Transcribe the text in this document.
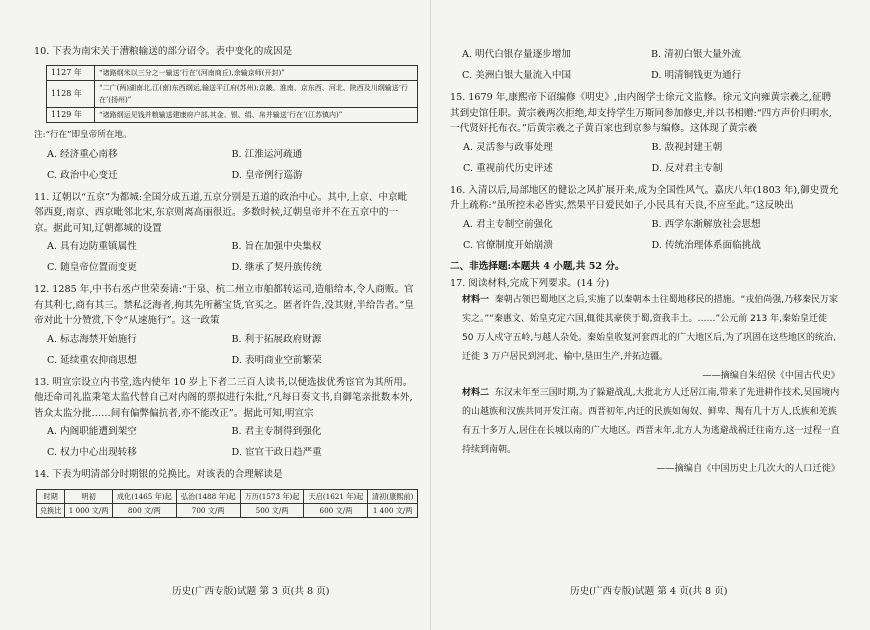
10. 下表为南宋关于漕粮输送的部分诏令。表中变化的成因是
1127 年	“诸路纲米以三分之一输送‘行在’(河南商丘),余输京师(开封)”
1128 年	“二广(两)湖南北,江(南)东西纲运,输送平江府(苏州);京畿、淮南、京东西、河北、陕西及川纲输送‘行在’(扬州)”
1129 年	“诸路纲运见钱并粮输送建康府户部,其金、银、绢、帛并输送‘行在’(江苏镇内)”
注:“行在”即皇帝所在地。
A. 经济重心南移	B. 江淮运河疏通
C. 政治中心变迁	D. 皇帝例行巡游
11. 辽朝以“五京”为都城:全国分成五道,五京分别是五道的政治中心。其中,上京、中京毗邻西夏,南京、西京毗邻北宋,东京则离高丽很近。多数时候,辽朝皇帝并不在五京中的一京。据此可知,辽朝都城的设置
A. 具有边防重镇属性	B. 旨在加强中央集权
C. 随皇帝位置而变更	D. 继承了契丹族传统
12. 1285 年,中书右丞卢世荣奏请:“于泉、杭二州立市舶都转运司,造船给本,令人商贩。官有其利七,商有其三。禁私泛海者,拘其先所蓄宝货,官买之。匿者许告,没其财,半给告者。”皇帝对此十分赞赏,下令“从速施行”。这一政策
A. 标志海禁开始施行	B. 利于拓展政府财源
C. 延续重农抑商思想	D. 表明商业空前繁荣
13. 明宣宗设立内书堂,选内使年 10 岁上下者二三百人读书,以便选拔优秀宦官为其所用。他还命司礼监秉笔太监代替自己对内阁的票拟进行朱批,“凡每日奏文书,自御笔亲批数本外,皆众太监分批……间有偏弊偏抗者,亦不能改正”。据此可知,明宣宗
A. 内阁职能遭到架空	B. 君主专制得到强化
C. 权力中心出现转移	D. 宦官干政日趋严重
14. 下表为明清部分时期银的兑换比。对该表的合理解读是
时期	明初	成化(1465 年)起	弘治(1488 年)起	万历(1573 年)起	天启(1621 年)起	清初(康熙前)
兑换比	1 000 文/两	800 文/两	700 文/两	500 文/两	600 文/两	1 400 文/两
历史(广西专版)试题 第 3 页(共 8 页)
A. 明代白银存量逐步增加	B. 清初白银大量外流
C. 美洲白银大量流入中国	D. 明清铜钱更为通行
15. 1679 年,康熙帝下诏编修《明史》,由内阁学士徐元文监修。徐元文向雍黄宗羲之,征聘其到史馆任职。黄宗羲两次拒绝,却支持学生万斯同参加修史,并以书相赠:“四方声价归明水,一代贤奸托布衣。”后黄宗羲之子黄百家也到京参与编修。这体现了黄宗羲
A. 灵活参与政事处理	B. 敌视封建王朝
C. 重视前代历史评述	D. 反对君主专制
16. 入清以后,局部地区的健讼之风扩展开来,成为全国性风气。嘉庆八年(1803 年),御史贾允升上疏称:“虽所控未必皆实,然果平日爱民如子,小民具有天良,不应至此。”这反映出
A. 君主专制空前强化	B. 西学东渐解放社会思想
C. 官僚制度开始崩溃	D. 传统治理体系面临挑战
二、非选择题:本题共 4 小题,共 52 分。
17. 阅读材料,完成下列要求。(14 分)
材料一 秦朝占领巴蜀地区之后,实施了以秦朝本土往蜀地移民的措施。“戎伯尚强,乃移秦民万家实之。”“秦惠文、始皇克定六国,辄徙其豪侠于蜀,资我丰土。……”公元前 213 年,秦始皇迁徙 50 万人戍守五岭,与越人杂处。秦始皇收复河套西北的广大地区后,为了巩固在这些地区的统治,迁徙 3 万户居民到河北、榆中,垦田生产,并拓边疆。
——摘编自朱绍侯《中国古代史》
材料二 东汉末年至三国时期,为了躲避战乱,大批北方人迁居江南,带来了先进耕作技术,吴国境内的山越族和汉族共同开发江南。西晋初年,内迁的民族如匈奴、鲜卑、羯有几十万人,氐族和羌族有五十多万人,居住在长城以南的广大地区。西晋末年,北方人为逃避战祸迁往南方,这一过程一直持续到南朝。
——摘编自《中国历史上几次大的人口迁徙》
历史(广西专版)试题 第 4 页(共 8 页)
